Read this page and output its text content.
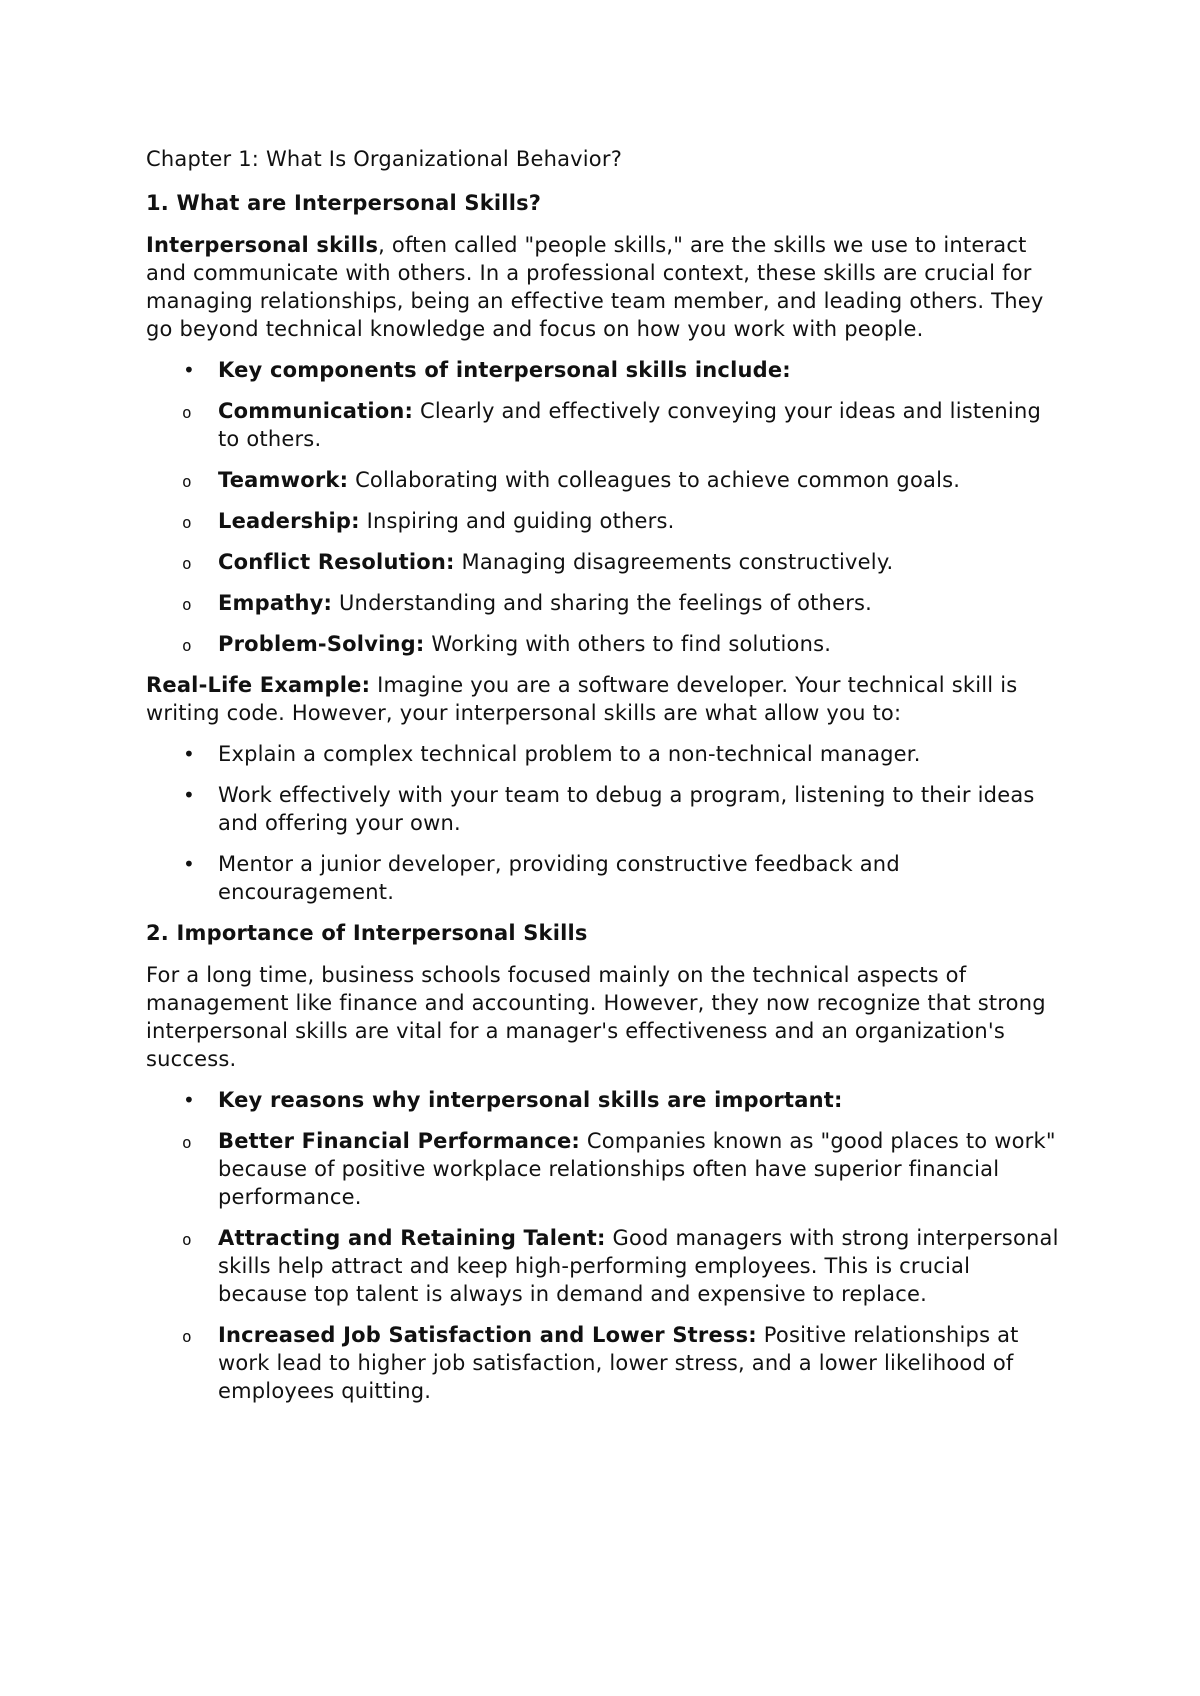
Chapter 1: What Is Organizational Behavior?

1. What are Interpersonal Skills?

Interpersonal skills, often called "people skills," are the skills we use to interact and communicate with others. In a professional context, these skills are crucial for managing relationships, being an effective team member, and leading others. They go beyond technical knowledge and focus on how you work with people.

• Key components of interpersonal skills include:
o Communication: Clearly and effectively conveying your ideas and listening to others.
o Teamwork: Collaborating with colleagues to achieve common goals.
o Leadership: Inspiring and guiding others.
o Conflict Resolution: Managing disagreements constructively.
o Empathy: Understanding and sharing the feelings of others.
o Problem-Solving: Working with others to find solutions.

Real-Life Example: Imagine you are a software developer. Your technical skill is writing code. However, your interpersonal skills are what allow you to:

• Explain a complex technical problem to a non-technical manager.
• Work effectively with your team to debug a program, listening to their ideas and offering your own.
• Mentor a junior developer, providing constructive feedback and encouragement.

2. Importance of Interpersonal Skills

For a long time, business schools focused mainly on the technical aspects of management like finance and accounting. However, they now recognize that strong interpersonal skills are vital for a manager's effectiveness and an organization's success.

• Key reasons why interpersonal skills are important:
o Better Financial Performance: Companies known as "good places to work" because of positive workplace relationships often have superior financial performance.
o Attracting and Retaining Talent: Good managers with strong interpersonal skills help attract and keep high-performing employees. This is crucial because top talent is always in demand and expensive to replace.
o Increased Job Satisfaction and Lower Stress: Positive relationships at work lead to higher job satisfaction, lower stress, and a lower likelihood of employees quitting.
